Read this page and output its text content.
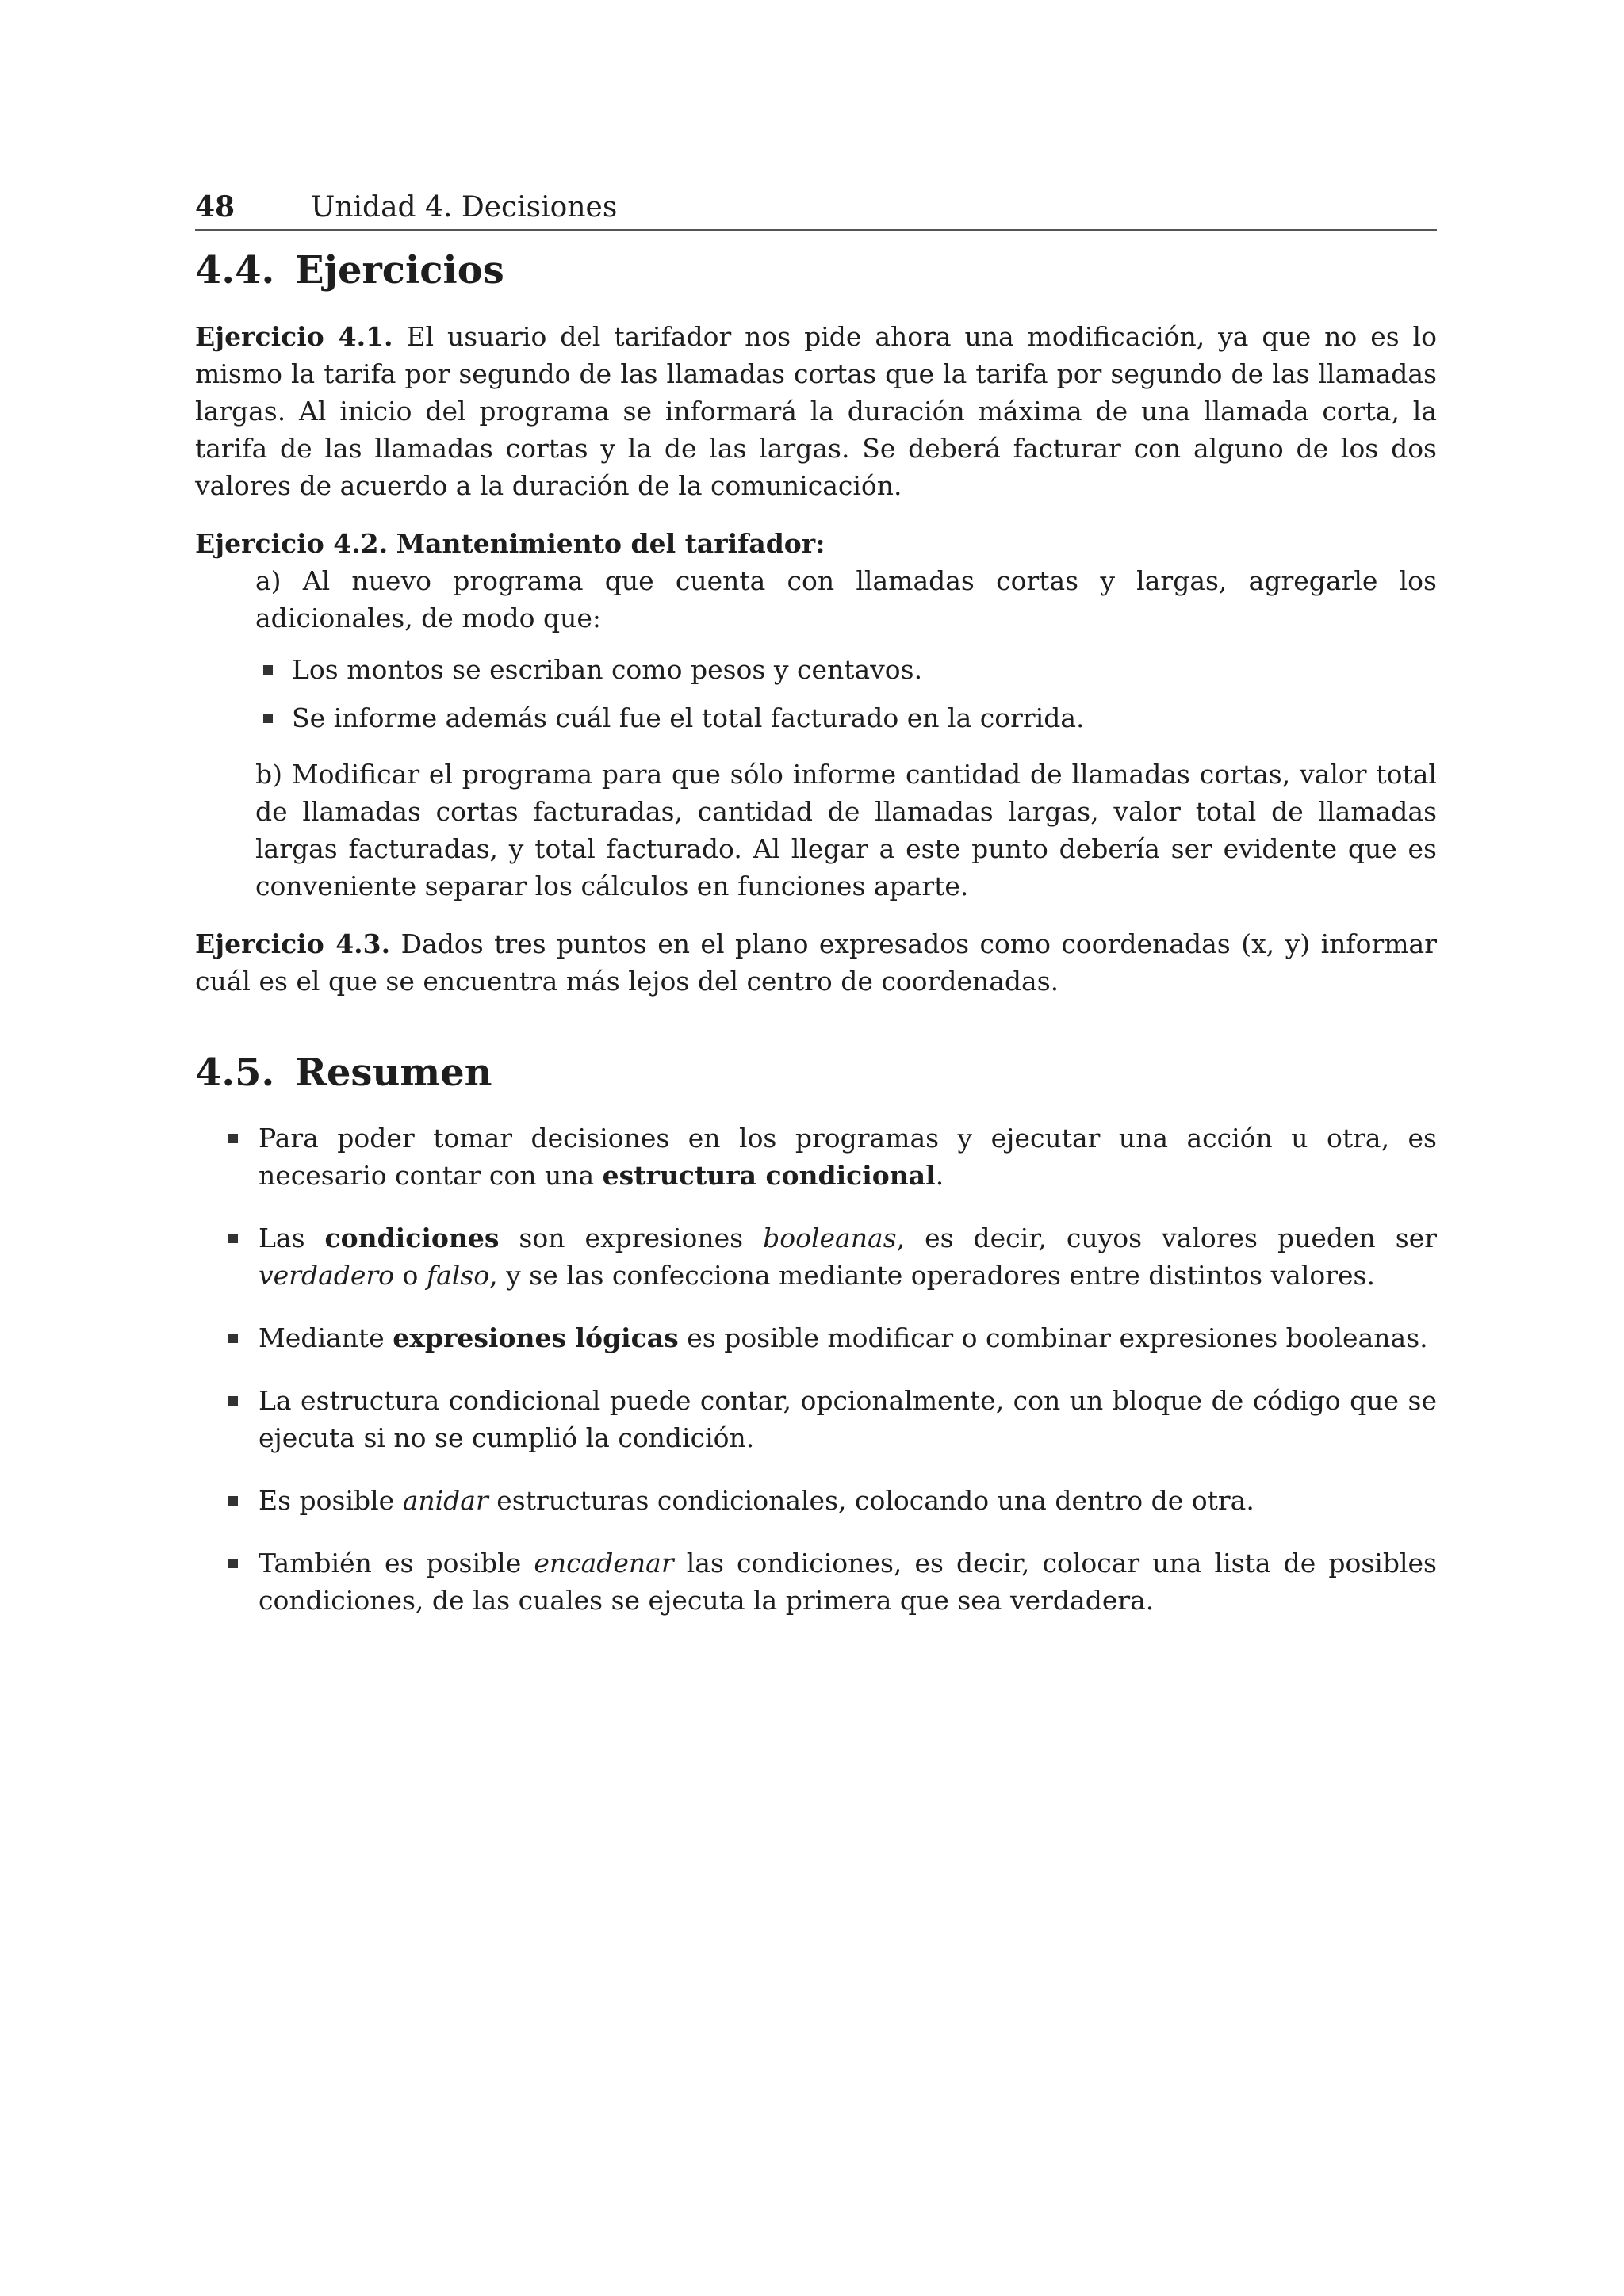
48	Unidad 4. Decisiones
4.4. Ejercicios

Ejercicio 4.1. El usuario del tarifador nos pide ahora una modificación, ya que no es lo mismo la tarifa por segundo de las llamadas cortas que la tarifa por segundo de las llamadas largas. Al inicio del programa se informará la duración máxima de una llamada corta, la tarifa de las llamadas cortas y la de las largas. Se deberá facturar con alguno de los dos valores de acuerdo a la duración de la comunicación.

Ejercicio 4.2. Mantenimiento del tarifador:

a) Al nuevo programa que cuenta con llamadas cortas y largas, agregarle los adicionales, de modo que:

Los montos se escriban como pesos y centavos.
Se informe además cuál fue el total facturado en la corrida.

b) Modificar el programa para que sólo informe cantidad de llamadas cortas, valor total de llamadas cortas facturadas, cantidad de llamadas largas, valor total de llamadas largas facturadas, y total facturado. Al llegar a este punto debería ser evidente que es conveniente separar los cálculos en funciones aparte.

Ejercicio 4.3. Dados tres puntos en el plano expresados como coordenadas (x, y) informar cuál es el que se encuentra más lejos del centro de coordenadas.

4.5. Resumen
Para poder tomar decisiones en los programas y ejecutar una acción u otra, es necesario contar con una estructura condicional.
Las condiciones son expresiones booleanas, es decir, cuyos valores pueden ser verdadero o falso, y se las confecciona mediante operadores entre distintos valores.
Mediante expresiones lógicas es posible modificar o combinar expresiones booleanas.
La estructura condicional puede contar, opcionalmente, con un bloque de código que se ejecuta si no se cumplió la condición.
Es posible anidar estructuras condicionales, colocando una dentro de otra.
También es posible encadenar las condiciones, es decir, colocar una lista de posibles condiciones, de las cuales se ejecuta la primera que sea verdadera.
